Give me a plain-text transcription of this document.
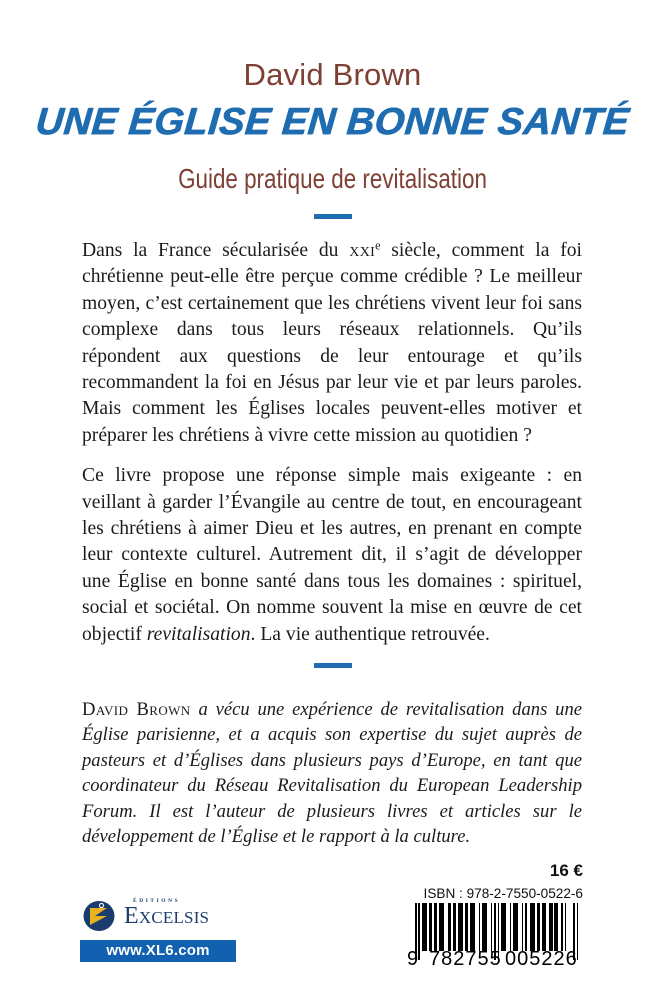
David Brown
UNE ÉGLISE EN BONNE SANTÉ
Guide pratique de revitalisation

Dans la France sécularisée du xxi$^e$ siècle, comment la foi chrétienne peut-elle être perçue comme crédible ? Le meilleur moyen, c’est certainement que les chrétiens vivent leur foi sans complexe dans tous leurs réseaux relationnels. Qu’ils répondent aux questions de leur entourage et qu’ils recommandent la foi en Jésus par leur vie et par leurs paroles. Mais comment les Églises locales peuvent-elles motiver et préparer les chrétiens à vivre cette mission au quotidien ?

Ce livre propose une réponse simple mais exigeante : en veillant à garder l’Évangile au centre de tout, en encourageant les chrétiens à aimer Dieu et les autres, en prenant en compte leur contexte culturel. Autrement dit, il s’agit de développer une Église en bonne santé dans tous les domaines : spirituel, social et sociétal. On nomme souvent la mise en œuvre de cet objectif revitalisation. La vie authentique retrouvée.

David Brown a vécu une expérience de revitalisation dans une Église parisienne, et a acquis son expertise du sujet auprès de pasteurs et d’Églises dans plusieurs pays d’Europe, en tant que coordinateur du Réseau Revitalisation du European Leadership Forum. Il est l’auteur de plusieurs livres et articles sur le développement de l’Église et le rapport à la culture.

16 €
ISBN : 978-2-7550-0522-6
9 782755 005226
ÉDITIONS
Excelsis
www.XL6.com
